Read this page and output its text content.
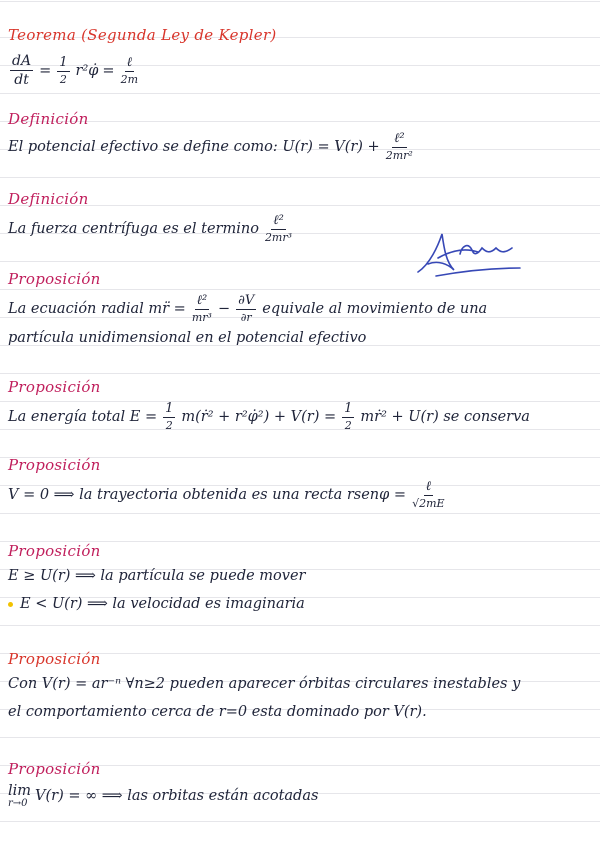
Teorema (Segunda Ley de Kepler)
$\frac{dA}{dt} = \frac{1}{2}$ r²φ̇ = $\frac{\text{ℓ}}{2m}$
Definición
El potencial efectivo se define como: $U(r) = V(r) + \frac{\text{ℓ²}}{\text{2mr²}}$
Definición
La fuerza centrífuga es el termino $\frac{\text{ℓ²}}{\text{2mr³}}$
Proposición
La ecuación radial mr̈ = $\frac{\text{ℓ²}}{\text{mr³}} - \frac{\partial V}{\partial r}$ equivale al movimiento de una
partícula unidimensional en el potencial efectivo
Proposición
La energía total $E = \frac{1}{2}$ m(ṙ² + r²φ̇²) + $V(r) = \frac{1}{2}$ mṙ² + U(r) se conserva
Proposición
V = 0 ⟹ la trayectoria obtenida es una recta rsenφ = $\frac{\text{ℓ}}{√2mE}$
Proposición
E ≥ U(r) ⟹ la partícula se puede mover
E < U(r) ⟹ la velocidad es imaginaria
Proposición
Con V(r) = ar⁻ⁿ ∀n≥2 pueden aparecer órbitas circulares inestables y
el comportamiento cerca de r=0 esta dominado por V(r).
Proposición
lim
r→0 V(r) = ∞ ⟹ las orbitas están acotadas
